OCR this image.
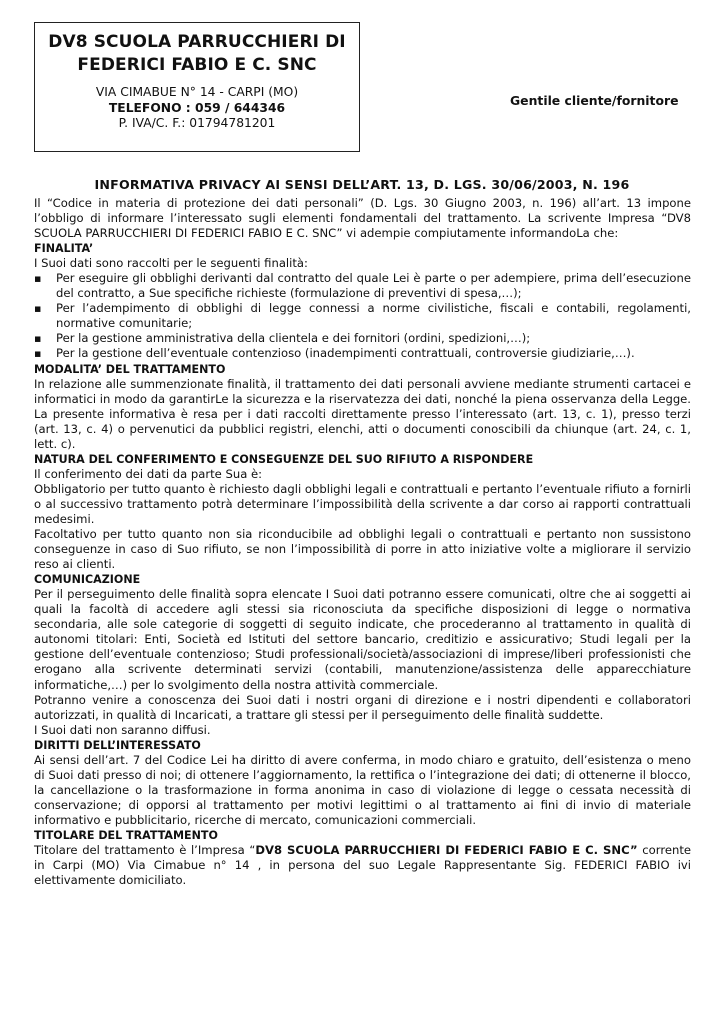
DV8 SCUOLA PARRUCCHIERI DI
FEDERICI FABIO E C. SNC
VIA CIMABUE N° 14 - CARPI (MO)
TELEFONO : 059 / 644346
P. IVA/C. F.: 01794781201
Gentile cliente/fornitore
INFORMATIVA PRIVACY AI SENSI DELL’ART. 13, D. LGS. 30/06/2003, N. 196

Il “Codice in materia di protezione dei dati personali” (D. Lgs. 30 Giugno 2003, n. 196) all’art. 13 impone l’obbligo di informare l’interessato sugli elementi fondamentali del trattamento. La scrivente Impresa “DV8 SCUOLA PARRUCCHIERI DI FEDERICI FABIO E C. SNC” vi adempie compiutamente informandoLa che:

FINALITA’

I Suoi dati sono raccolti per le seguenti finalità:

▪ Per eseguire gli obblighi derivanti dal contratto del quale Lei è parte o per adempiere, prima dell’esecuzione del contratto, a Sue specifiche richieste (formulazione di preventivi di spesa,…);
▪ Per l’adempimento di obblighi di legge connessi a norme civilistiche, fiscali e contabili, regolamenti, normative comunitarie;
▪ Per la gestione amministrativa della clientela e dei fornitori (ordini, spedizioni,…);
▪ Per la gestione dell’eventuale contenzioso (inadempimenti contrattuali, controversie giudiziarie,…).

MODALITA’ DEL TRATTAMENTO

In relazione alle summenzionate finalità, il trattamento dei dati personali avviene mediante strumenti cartacei e informatici in modo da garantirLe la sicurezza e la riservatezza dei dati, nonché la piena osservanza della Legge. La presente informativa è resa per i dati raccolti direttamente presso l’interessato (art. 13, c. 1), presso terzi (art. 13, c. 4) o pervenutici da pubblici registri, elenchi, atti o documenti conoscibili da chiunque (art. 24, c. 1, lett. c).

NATURA DEL CONFERIMENTO E CONSEGUENZE DEL SUO RIFIUTO A RISPONDERE

Il conferimento dei dati da parte Sua è:

Obbligatorio per tutto quanto è richiesto dagli obblighi legali e contrattuali e pertanto l’eventuale rifiuto a fornirli o al successivo trattamento potrà determinare l’impossibilità della scrivente a dar corso ai rapporti contrattuali medesimi.

Facoltativo per tutto quanto non sia riconducibile ad obblighi legali o contrattuali e pertanto non sussistono conseguenze in caso di Suo rifiuto, se non l’impossibilità di porre in atto iniziative volte a migliorare il servizio reso ai clienti.

COMUNICAZIONE

Per il perseguimento delle finalità sopra elencate I Suoi dati potranno essere comunicati, oltre che ai soggetti ai quali la facoltà di accedere agli stessi sia riconosciuta da specifiche disposizioni di legge o normativa secondaria, alle sole categorie di soggetti di seguito indicate, che procederanno al trattamento in qualità di autonomi titolari: Enti, Società ed Istituti del settore bancario, creditizio e assicurativo; Studi legali per la gestione dell’eventuale contenzioso; Studi professionali/società/associazioni di imprese/liberi professionisti che erogano alla scrivente determinati servizi (contabili, manutenzione/assistenza delle apparecchiature informatiche,…) per lo svolgimento della nostra attività commerciale.

Potranno venire a conoscenza dei Suoi dati i nostri organi di direzione e i nostri dipendenti e collaboratori autorizzati, in qualità di Incaricati, a trattare gli stessi per il perseguimento delle finalità suddette.

I Suoi dati non saranno diffusi.

DIRITTI DELL’INTERESSATO

Ai sensi dell’art. 7 del Codice Lei ha diritto di avere conferma, in modo chiaro e gratuito, dell’esistenza o meno di Suoi dati presso di noi; di ottenere l’aggiornamento, la rettifica o l’integrazione dei dati; di ottenerne il blocco, la cancellazione o la trasformazione in forma anonima in caso di violazione di legge o cessata necessità di conservazione; di opporsi al trattamento per motivi legittimi o al trattamento ai fini di invio di materiale informativo e pubblicitario, ricerche di mercato, comunicazioni commerciali.

TITOLARE DEL TRATTAMENTO

Titolare del trattamento è l’Impresa “DV8 SCUOLA PARRUCCHIERI DI FEDERICI FABIO E C. SNC” corrente in Carpi (MO) Via Cimabue n° 14 , in persona del suo Legale Rappresentante Sig. FEDERICI FABIO ivi elettivamente domiciliato.
